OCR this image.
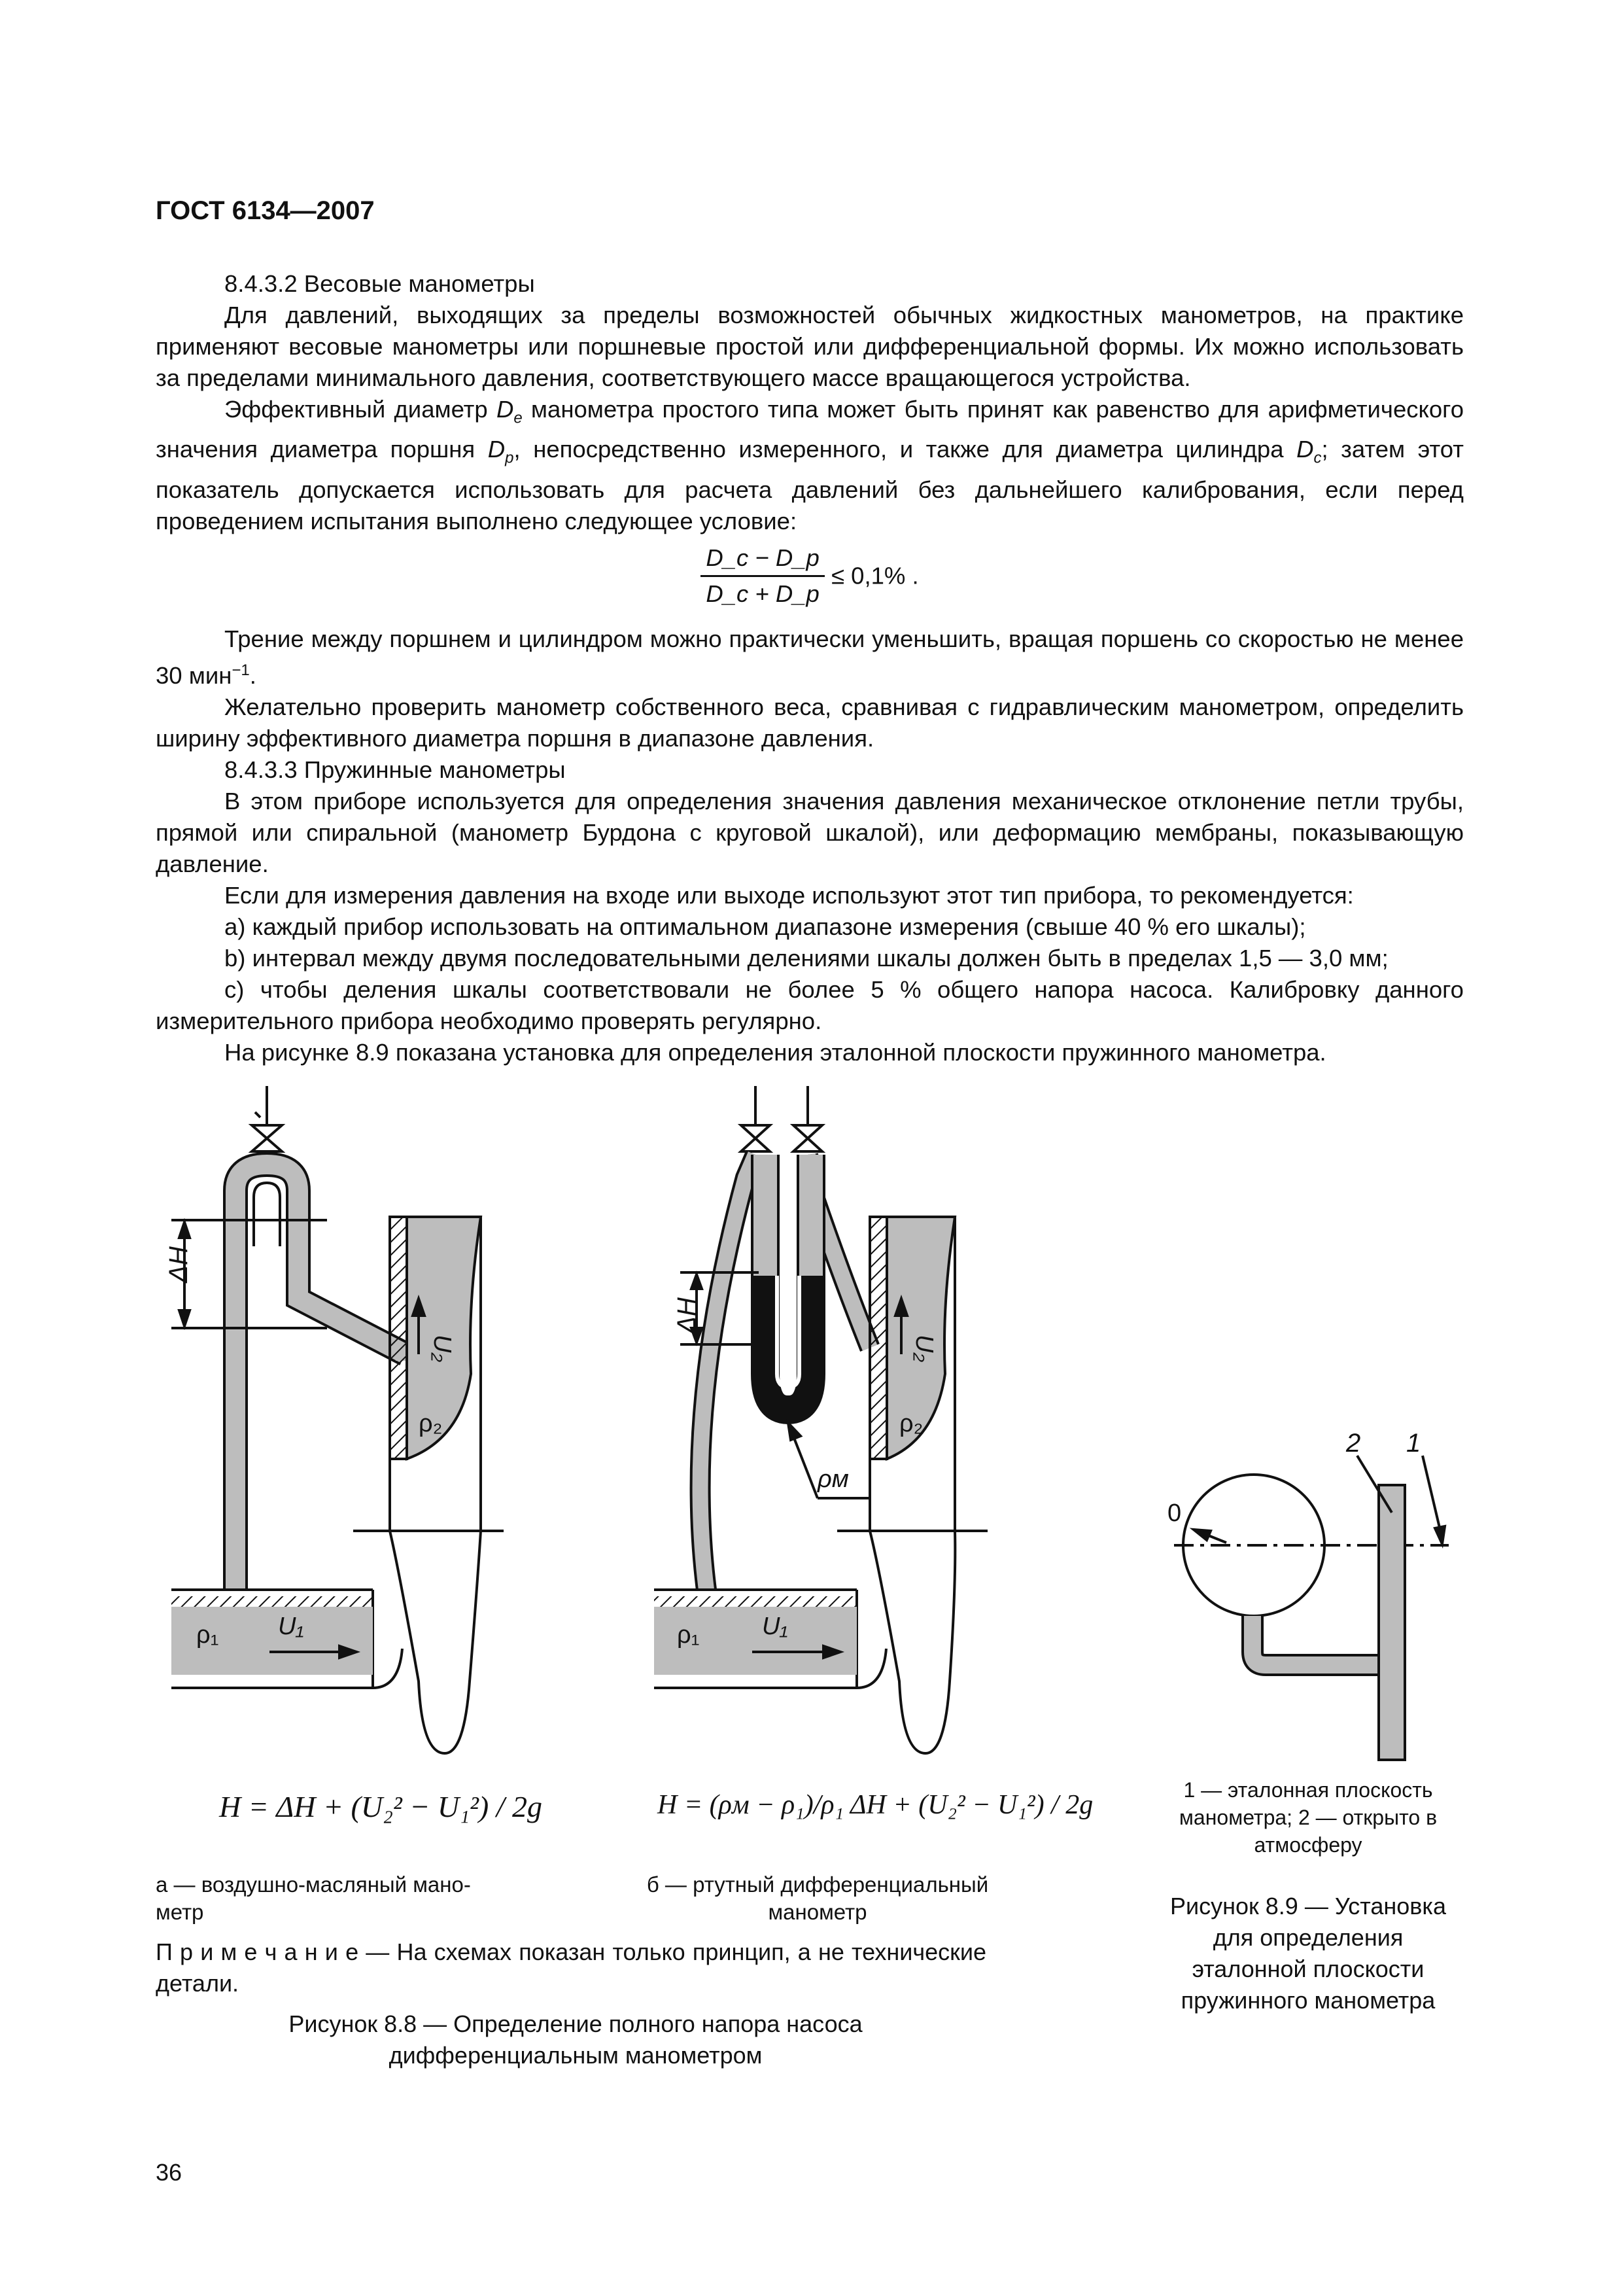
ГОСТ 6134—2007

8.4.3.2 Весовые манометры

Для давлений, выходящих за пределы возможностей обычных жидкостных манометров, на практике применяют весовые манометры или поршневые простой или дифференциальной формы. Их можно использовать за пределами минимального давления, соответствующего массе вращающегося устройства.

Эффективный диаметр $D_e$ манометра простого типа может быть принят как равенство для арифметического значения диаметра поршня $D_p$, непосредственно измеренного, и также для диаметра цилиндра $D_c$; затем этот показатель допускается использовать для расчета давлений без дальнейшего калибрования, если перед проведением испытания выполнено следующее условие:

$\frac{D\_c - D\_p}{D\_c + D\_p} \le 0,1\%$ .

Трение между поршнем и цилиндром можно практически уменьшить, вращая поршень со скоростью не менее 30 мин$^{-1}$.

Желательно проверить манометр собственного веса, сравнивая с гидравлическим манометром, определить ширину эффективного диаметра поршня в диапазоне давления.

8.4.3.3 Пружинные манометры

В этом приборе используется для определения значения давления механическое отклонение петли трубы, прямой или спиральной (манометр Бурдона с круговой шкалой), или деформацию мембраны, показывающую давление.

Если для измерения давления на входе или выходе используют этот тип прибора, то рекомендуется:

а) каждый прибор использовать на оптимальном диапазоне измерения (свыше 40 % его шкалы);

b) интервал между двумя последовательными делениями шкалы должен быть в пределах 1,5 — 3,0 мм;

c) чтобы деления шкалы соответствовали не более 5 % общего напора насоса. Калибровку данного измерительного прибора необходимо проверять регулярно.

На рисунке 8.9 показана установка для определения эталонной плоскости пружинного манометра.

ΔH
U₂
ρ₂
ρ₁ U₁
ΔH
U₂
ρ₂
ρм
ρ₁	U₁
0
2 1
H = ΔH + (U₂² − U₁²) / 2g	H = (ρм − ρ₁)/ρ₁ ΔH + (U₂² − U₁²) / 2g
а — воздушно-масляный мано-метр
б — ртутный дифференциальный манометр
П р и м е ч а н и е — На схемах показан только принцип, а не технические детали.
Рисунок 8.8 — Определение полного напора насоса дифференциальным манометром
1 — эталонная плоскость манометра; 2 — открыто в атмосферу
Рисунок 8.9 — Установка для определения эталонной плоскости пружинного манометра
36
